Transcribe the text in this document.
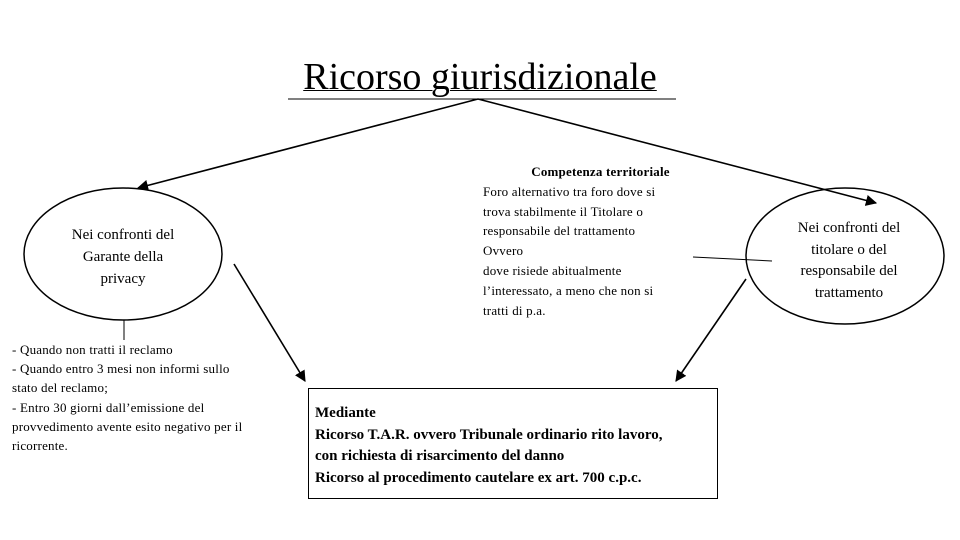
Ricorso giurisdizionale
Nei confronti del
Garante della
privacy
Nei confronti del
titolare o del
responsabile del
trattamento
Competenza territoriale
Foro alternativo tra foro dove si
trova stabilmente il Titolare o
responsabile del trattamento
Ovvero
dove risiede abitualmente
l’interessato, a meno che non si
tratti di p.a.
- Quando non tratti il reclamo
- Quando entro 3 mesi non informi sullo
stato del reclamo;
- Entro 30 giorni dall’emissione del
provvedimento avente esito negativo per il
ricorrente.
Mediante
Ricorso T.A.R. ovvero Tribunale ordinario rito lavoro,
con richiesta di risarcimento del danno
Ricorso al procedimento cautelare ex art. 700 c.p.c.
